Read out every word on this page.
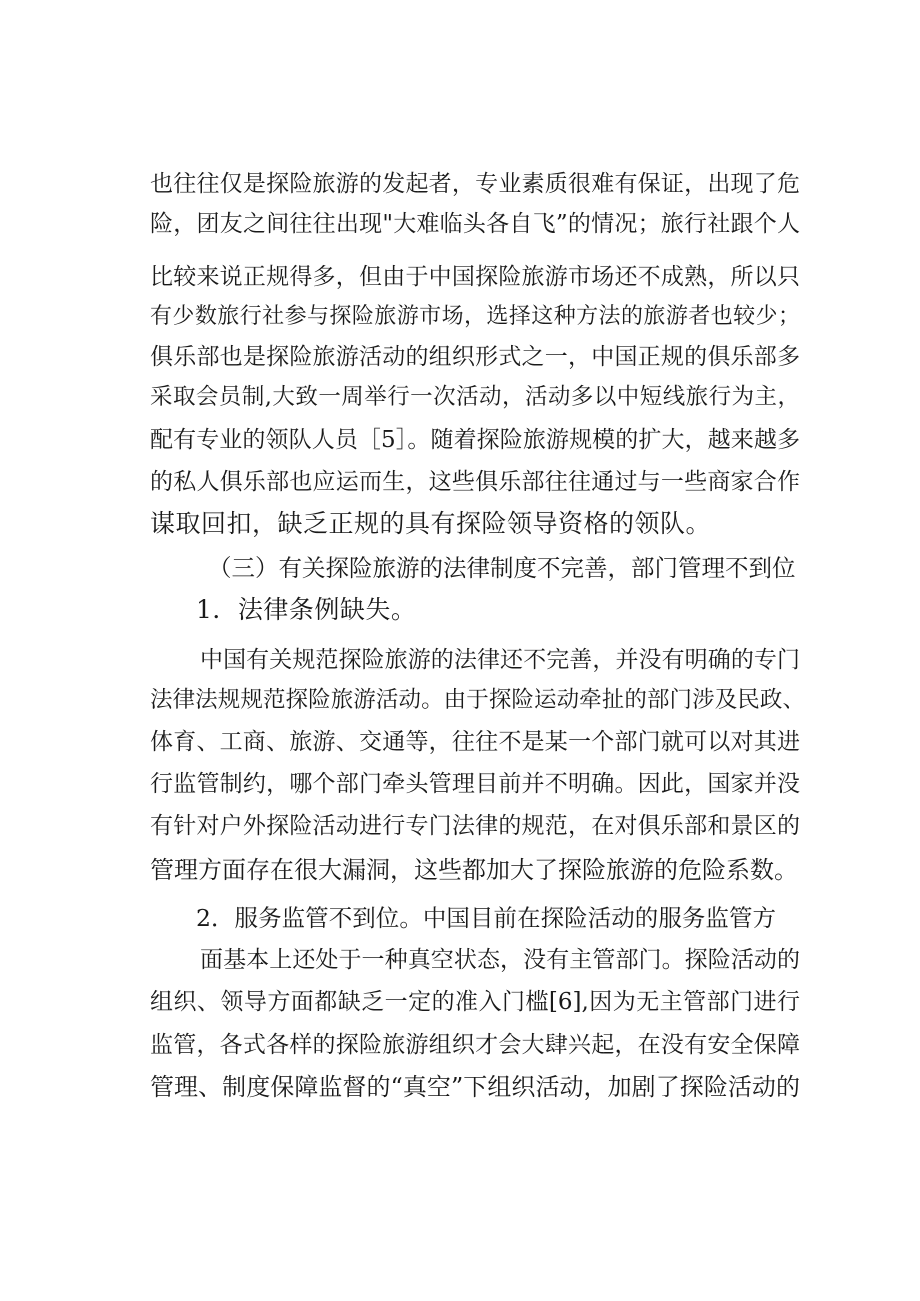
也往往仅是探险旅游的发起者，专业素质很难有保证，出现了危
险，团友之间往往出现"大难临头各自飞”的情况；旅行社跟个人
比较来说正规得多，但由于中国探险旅游市场还不成熟，所以只
有少数旅行社参与探险旅游市场，选择这种方法的旅游者也较少；
俱乐部也是探险旅游活动的组织形式之一，中国正规的俱乐部多
采取会员制,大致一周举行一次活动，活动多以中短线旅行为主，
配有专业的领队人员［5］。随着探险旅游规模的扩大，越来越多
的私人俱乐部也应运而生，这些俱乐部往往通过与一些商家合作
谋取回扣，缺乏正规的具有探险领导资格的领队。
（三）有关探险旅游的法律制度不完善，部门管理不到位
1．法律条例缺失。
中国有关规范探险旅游的法律还不完善，并没有明确的专门
法律法规规范探险旅游活动。由于探险运动牵扯的部门涉及民政、
体育、工商、旅游、交通等，往往不是某一个部门就可以对其进
行监管制约，哪个部门牵头管理目前并不明确。因此，国家并没
有针对户外探险活动进行专门法律的规范，在对俱乐部和景区的
管理方面存在很大漏洞，这些都加大了探险旅游的危险系数。
2．服务监管不到位。中国目前在探险活动的服务监管方
面基本上还处于一种真空状态，没有主管部门。探险活动的
组织、领导方面都缺乏一定的准入门槛[6],因为无主管部门进行
监管，各式各样的探险旅游组织才会大肆兴起，在没有安全保障
管理、制度保障监督的“真空”下组织活动，加剧了探险活动的
